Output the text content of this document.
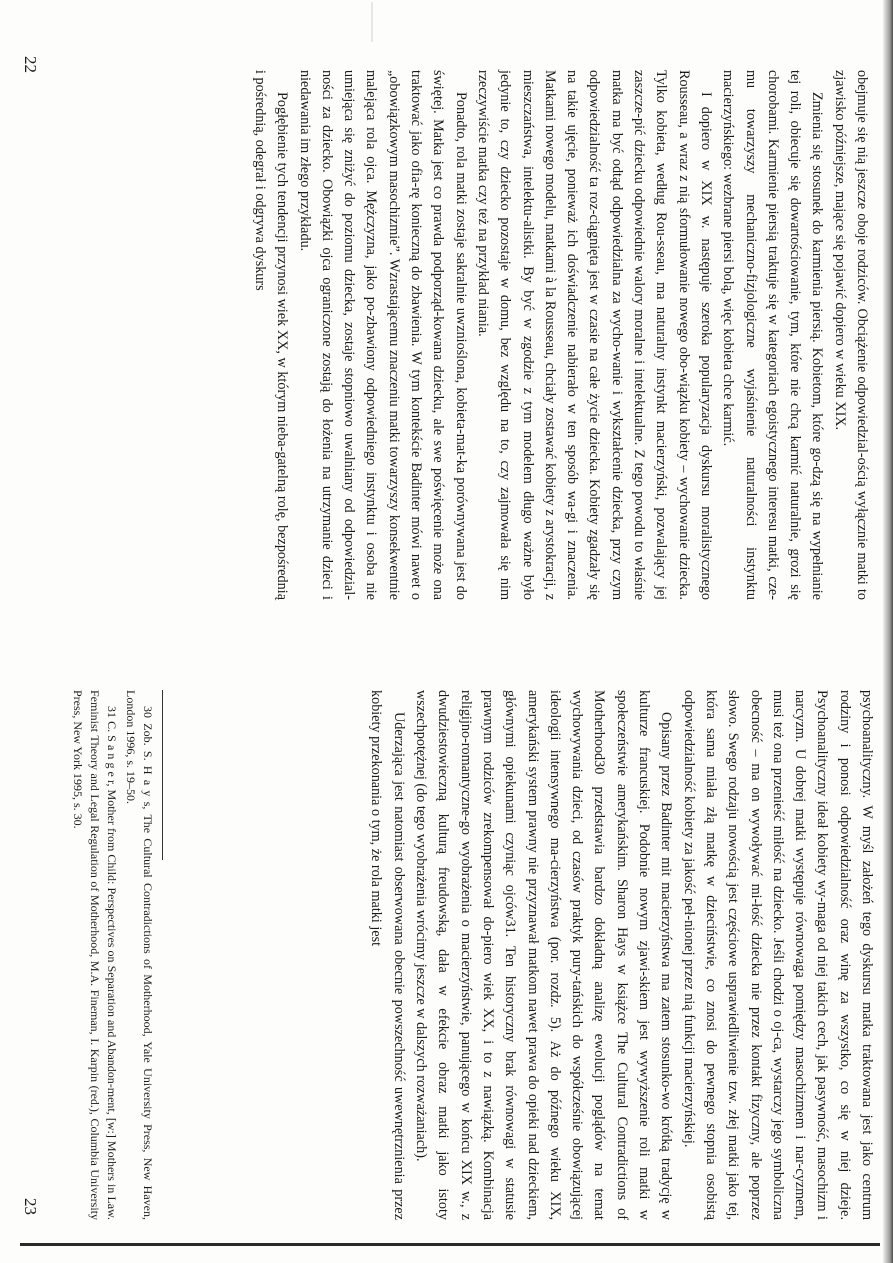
obejmuje się nią jeszcze oboje rodziców. Obciążenie odpowiedzial-ością wyłącznie matki to zjawisko późniejsze, mające się pojawić dopiero w wieku XIX.

Zmienia się stosunek do karmienia piersią. Kobietom, które go-dzą się na wypełnianie tej roli, obiecuje się dowartościowanie, tym, które nie chcą karmić naturalnie, grozi się chorobami. Karmienie piersią traktuje się w kategoriach egoistycznego interesu matki, cze-mu towarzyszy mechaniczno-fizjologiczne wyjaśnienie naturalności instynktu macierzyńskiego: wezbrane piersi bolą, więc kobieta chce karmić.

I dopiero w XIX w. następuje szeroka popularyzacja dyskursu moralistycznego Rousseau, a wraz z nią sformułowanie nowego obo-wiązku kobiety – wychowanie dziecka. Tylko kobieta, według Rou-sseau, ma naturalny instynkt macierzyński, pozwalający jej zaszcze-pić dziecku odpowiednie walory moralne i intelektualne. Z tego powodu to właśnie matka ma być odtąd odpowiedzialna za wycho-wanie i wykształcenie dziecka, przy czym odpowiedzialność ta roz-ciągnięta jest w czasie na całe życie dziecka. Kobiety zgadzały się na takie ujęcie, ponieważ ich doświadczenie nabierało w ten sposób wa-gi i znaczenia. Matkami nowego modelu, matkami à la Rousseau, chciały zostawać kobiety z arystokracji, z mieszczaństwa, intelektu-alistki. By być w zgodzie z tym modelem długo ważne było jedynie to, czy dziecko pozostaje w domu, bez względu na to, czy zajmowała się nim rzeczywiście matka czy też na przykład niania.

Ponadto, rola matki zostaje sakralnie uwznioślona, kobieta-mat-ka porównywana jest do świętej. Matka jest co prawda podporząd-kowana dziecku, ale swe poświęcenie może ona traktować jako ofia-rę konieczną do zbawienia. W tym kontekście Badinter mówi nawet o „obowiązkowym masochizmie”. Wzrastającemu znaczeniu matki towarzyszy konsekwentnie malejąca rola ojca. Mężczyzna, jako po-zbawiony odpowiedniego instynktu i osoba nie umiejąca się zniżyć do poziomu dziecka, zostaje stopniowo uwalniany od odpowiedzial-ności za dziecko. Obowiązki ojca ograniczone zostają do łożenia na utrzymanie dzieci i niedawania im złego przykładu.

Pogłębienie tych tendencji przynosi wiek XX, w którym nieba-gatelną rolę, bezpośrednią i pośrednią, odegrał i odgrywa dyskurs

22

psychoanalityczny. W myśl założeń tego dyskursu matka traktowana jest jako centrum rodziny i ponosi odpowiedzialność oraz winę za wszystko, co się w niej dzieje. Psychoanalityczny ideał kobiety wy-maga od niej takich cech, jak pasywność, masochizm i narcyzm. U dobrej matki występuje równowaga pomiędzy masochizmem i nar-cyzmem, musi też ona przenieść miłość na dziecko. Jeśli chodzi o oj-ca, wystarczy jego symboliczna obecność – ma on wywoływać mi-łość dziecka nie przez kontakt fizyczny, ale poprzez słowo. Swego rodzaju nowością jest częściowe usprawiedliwienie tzw. złej matki jako tej, która sama miała złą matkę w dzieciństwie, co znosi do pewnego stopnia osobistą odpowiedzialność kobiety za jakość peł-nionej przez nią funkcji macierzyńskiej.

Opisany przez Badinter mit macierzyństwa ma zatem stosunko-wo krótką tradycję w kulturze francuskiej. Podobnie nowym zjawi-skiem jest wywyższenie roli matki w społeczeństwie amerykańskim. Sharon Hays w książce The Cultural Contradictions of Motherhood30 przedstawia bardzo dokładną analizę ewolucji poglądów na temat wychowywania dzieci, od czasów praktyk pury-tańskich do współcześnie obowiązującej ideologii intensywnego ma-cierzyństwa (por. rozdz. 5). Aż do późnego wieku XIX, amerykański system prawny nie przyznawał matkom nawet prawa do opieki nad dzieckiem, głównymi opiekunami czyniąc ojców31. Ten historyczny brak równowagi w statusie prawnym rodziców zrekompensował do-piero wiek XX, i to z nawiązką. Kombinacja religijno-romantyczne-go wyobrażenia o macierzyństwie, panującego w końcu XIX w., z dwudziestowieczną kulturą freudowską, dała w efekcie obraz matki jako istoty wszechpotężnej (do tego wyobrażenia wrócimy jeszcze w dalszych rozważaniach).

Uderzająca jest natomiast obserwowana obecnie powszechność uwewnętrznienia przez kobiety przekonania o tym, że rola matki jest

30 Zob. S. H a y s, The Cultural Contradictions of Motherhood, Yale University Press, New Haven, London 1996, s. 19–50.

31 C. S a n g e r, Mother from Child: Perspectives on Separation and Abandon-ment, [w:] Mothers in Law. Feminist Theory and Legal Regulation of Motherhood, M.A. Fineman, I. Karpin (red.), Columbia University Press, New York 1995, s. 30.

23
